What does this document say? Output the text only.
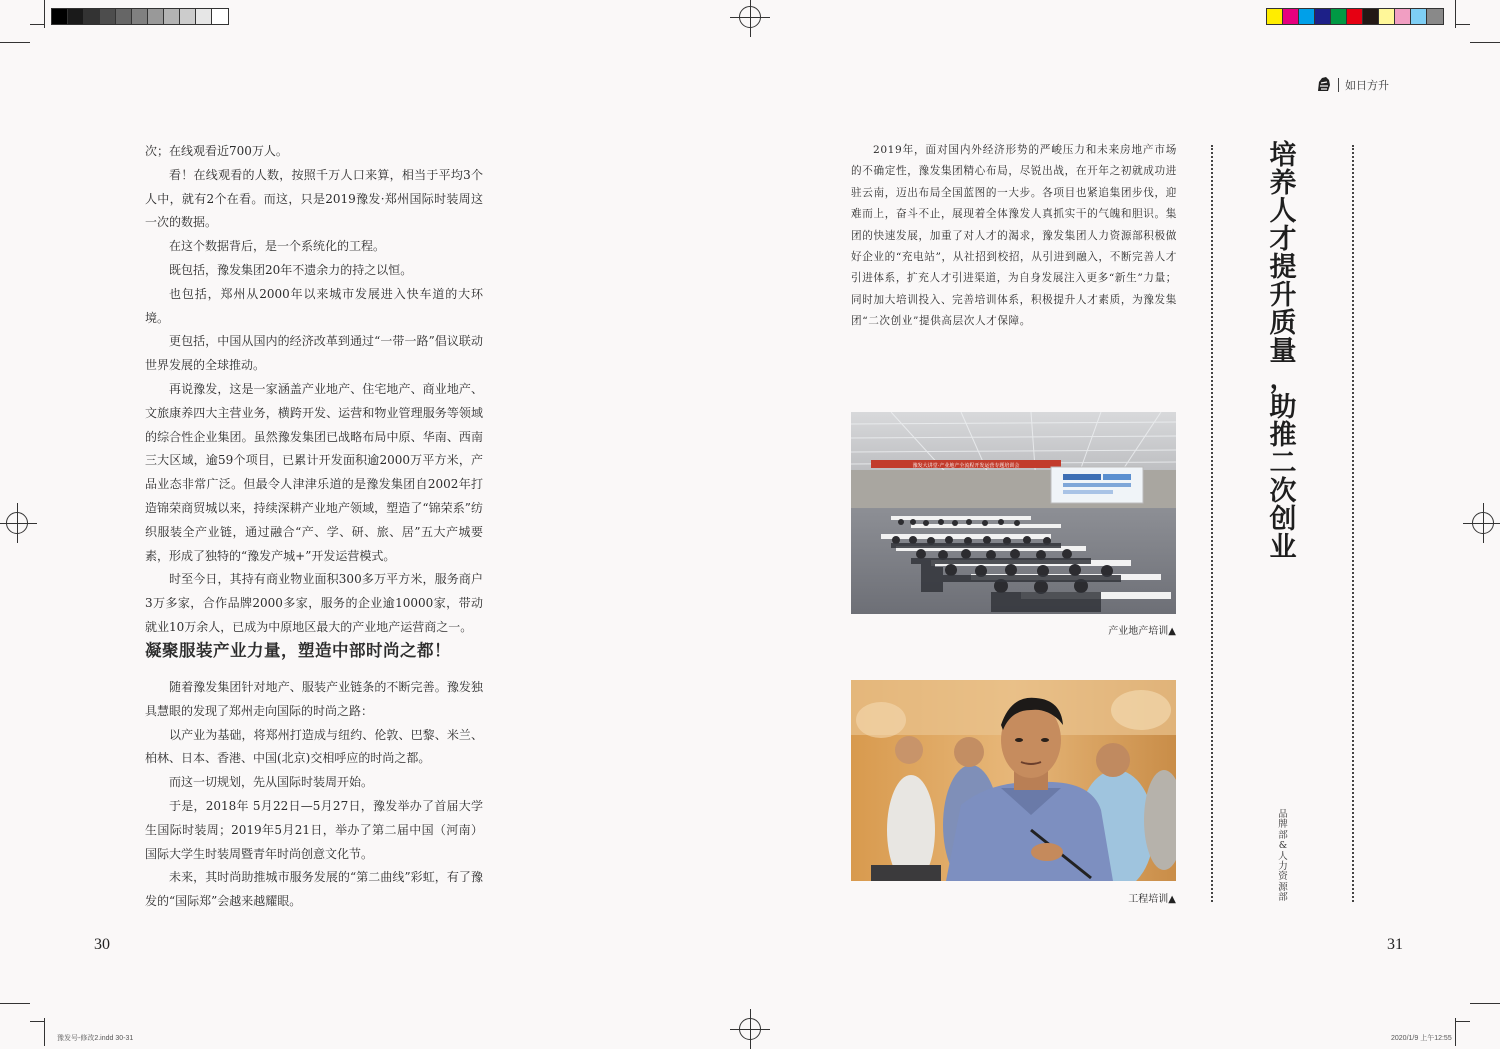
次；在线观看近700万人。

看！在线观看的人数，按照千万人口来算，相当于平均3个人中，就有2个在看。而这，只是2019豫发·郑州国际时装周这一次的数据。

在这个数据背后，是一个系统化的工程。

既包括，豫发集团20年不遗余力的持之以恒。

也包括，郑州从2000年以来城市发展进入快车道的大环境。

更包括，中国从国内的经济改革到通过“一带一路”倡议联动世界发展的全球推动。

再说豫发，这是一家涵盖产业地产、住宅地产、商业地产、文旅康养四大主营业务，横跨开发、运营和物业管理服务等领域的综合性企业集团。虽然豫发集团已战略布局中原、华南、西南三大区域，逾59个项目，已累计开发面积逾2000万平方米，产品业态非常广泛。但最令人津津乐道的是豫发集团自2002年打造锦荣商贸城以来，持续深耕产业地产领域，塑造了“锦荣系”纺织服装全产业链，通过融合“产、学、研、旅、居”五大产城要素，形成了独特的“豫发产城+”开发运营模式。

时至今日，其持有商业物业面积300多万平方米，服务商户3万多家，合作品牌2000多家，服务的企业逾10000家，带动就业10万余人，已成为中原地区最大的产业地产运营商之一。

凝聚服装产业力量，塑造中部时尚之都！

随着豫发集团针对地产、服装产业链条的不断完善。豫发独具慧眼的发现了郑州走向国际的时尚之路：

以产业为基础，将郑州打造成与纽约、伦敦、巴黎、米兰、柏林、日本、香港、中国(北京)交相呼应的时尚之都。

而这一切规划，先从国际时装周开始。

于是，2018年 5月22日—5月27日，豫发举办了首届大学生国际时装周；2019年5月21日，举办了第二届中国（河南）国际大学生时装周暨青年时尚创意文化节。

未来，其时尚助推城市服务发展的“第二曲线”彩虹，有了豫发的“国际郑”会越来越耀眼。

30
如日方升

2019年，面对国内外经济形势的严峻压力和未来房地产市场的不确定性，豫发集团精心布局，尽锐出战，在开年之初就成功进驻云南，迈出布局全国蓝图的一大步。各项目也紧追集团步伐，迎难而上，奋斗不止，展现着全体豫发人真抓实干的气魄和胆识。集团的快速发展，加重了对人才的渴求，豫发集团人力资源部积极做好企业的“充电站”，从社招到校招，从引进到融入，不断完善人才引进体系，扩充人才引进渠道，为自身发展注入更多“新生”力量；同时加大培训投入、完善培训体系，积极提升人才素质，为豫发集团“二次创业”提供高层次人才保障。

豫发大讲堂·产业地产全流程开发运营专题培训会
产业地产培训▲
工程培训▲
培
养
人
才
提
升
质
量
，
助
推
二
次
创
业
品
牌
部
&
人
力
资
源
部
31
豫发号-修改2.indd 30-31	2020/1/9 上午12:55
